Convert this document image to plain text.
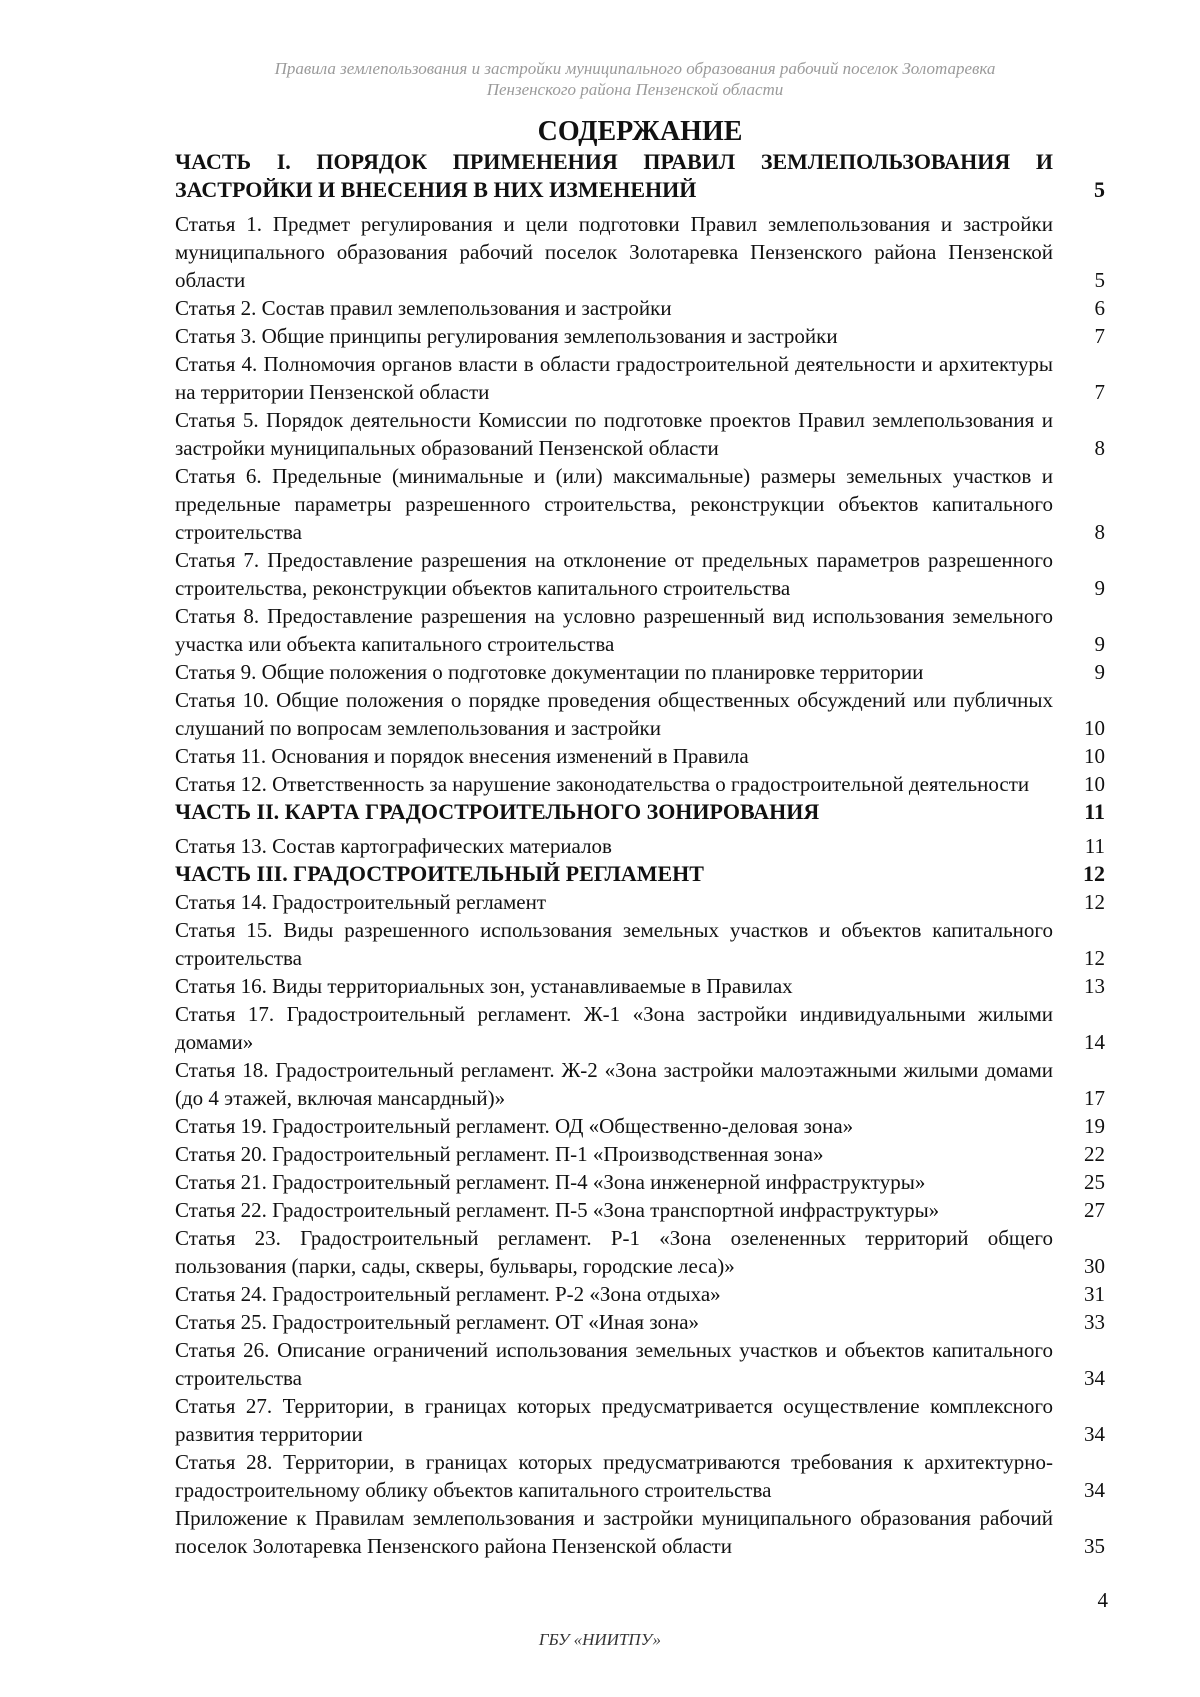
Правила землепользования и застройки муниципального образования рабочий поселок Золотаревка
Пензенского района Пензенской области
СОДЕРЖАНИЕ
ЧАСТЬ I. ПОРЯДОК ПРИМЕНЕНИЯ ПРАВИЛ ЗЕМЛЕПОЛЬЗОВАНИЯ И ЗАСТРОЙКИ И ВНЕСЕНИЯ В НИХ ИЗМЕНЕНИЙ	5
Статья 1. Предмет регулирования и цели подготовки Правил землепользования и застройки муниципального образования рабочий поселок Золотаревка Пензенского района Пензенской области	5
Статья 2. Состав правил землепользования и застройки	6
Статья 3. Общие принципы регулирования землепользования и застройки	7
Статья 4. Полномочия органов власти в области градостроительной деятельности и архитектуры на территории Пензенской области	7
Статья 5. Порядок деятельности Комиссии по подготовке проектов Правил землепользования и застройки муниципальных образований Пензенской области	8
Статья 6. Предельные (минимальные и (или) максимальные) размеры земельных участков и предельные параметры разрешенного строительства, реконструкции объектов капитального строительства	8
Статья 7. Предоставление разрешения на отклонение от предельных параметров разрешенного строительства, реконструкции объектов капитального строительства	9
Статья 8. Предоставление разрешения на условно разрешенный вид использования земельного участка или объекта капитального строительства	9
Статья 9. Общие положения о подготовке документации по планировке территории	9
Статья 10. Общие положения о порядке проведения общественных обсуждений или публичных слушаний по вопросам землепользования и застройки	10
Статья 11. Основания и порядок внесения изменений в Правила	10
Статья 12. Ответственность за нарушение законодательства о градостроительной деятельности	10
ЧАСТЬ II. КАРТА ГРАДОСТРОИТЕЛЬНОГО ЗОНИРОВАНИЯ	11
Статья 13. Состав картографических материалов	11
ЧАСТЬ III. ГРАДОСТРОИТЕЛЬНЫЙ РЕГЛАМЕНТ	12
Статья 14. Градостроительный регламент	12
Статья 15. Виды разрешенного использования земельных участков и объектов капитального строительства	12
Статья 16. Виды территориальных зон, устанавливаемые в Правилах	13
Статья 17. Градостроительный регламент. Ж-1 «Зона застройки индивидуальными жилыми домами»	14
Статья 18. Градостроительный регламент. Ж-2 «Зона застройки малоэтажными жилыми домами (до 4 этажей, включая мансардный)»	17
Статья 19. Градостроительный регламент. ОД «Общественно-деловая зона»	19
Статья 20. Градостроительный регламент. П-1 «Производственная зона»	22
Статья 21. Градостроительный регламент. П-4 «Зона инженерной инфраструктуры»	25
Статья 22. Градостроительный регламент. П-5 «Зона транспортной инфраструктуры»	27
Статья 23. Градостроительный регламент. Р-1 «Зона озелененных территорий общего пользования (парки, сады, скверы, бульвары, городские леса)»	30
Статья 24. Градостроительный регламент. Р-2 «Зона отдыха»	31
Статья 25. Градостроительный регламент. ОТ «Иная зона»	33
Статья 26. Описание ограничений использования земельных участков и объектов капитального строительства	34
Статья 27. Территории, в границах которых предусматривается осуществление комплексного развития территории	34
Статья 28. Территории, в границах которых предусматриваются требования к архитектурно-градостроительному облику объектов капитального строительства	34
Приложение к Правилам землепользования и застройки муниципального образования рабочий поселок Золотаревка Пензенского района Пензенской области	35
4
ГБУ «НИИТПУ»
